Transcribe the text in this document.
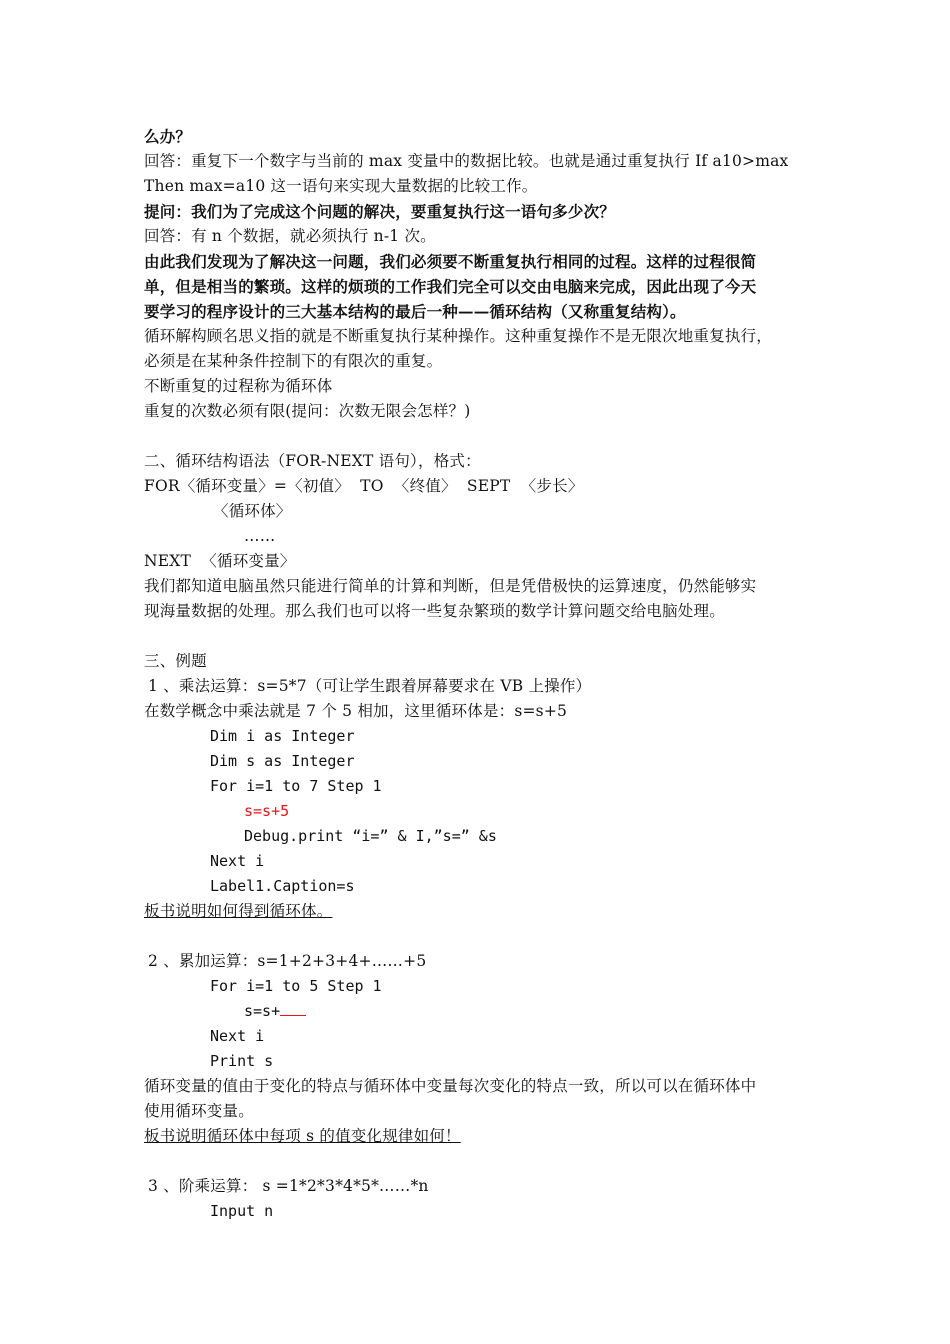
么办？
回答：重复下一个数字与当前的 max 变量中的数据比较。也就是通过重复执行 If a10>max
Then max=a10 这一语句来实现大量数据的比较工作。
提问：我们为了完成这个问题的解决，要重复执行这一语句多少次？
回答：有 n 个数据，就必须执行 n-1 次。
由此我们发现为了解决这一问题，我们必须要不断重复执行相同的过程。这样的过程很简
单，但是相当的繁琐。这样的烦琐的工作我们完全可以交由电脑来完成，因此出现了今天
要学习的程序设计的三大基本结构的最后一种——循环结构（又称重复结构）。
循环解构顾名思义指的就是不断重复执行某种操作。这种重复操作不是无限次地重复执行，
必须是在某种条件控制下的有限次的重复。
不断重复的过程称为循环体
重复的次数必须有限(提问：次数无限会怎样？)
二、循环结构语法（FOR-NEXT 语句），格式：
FOR〈循环变量〉=〈初值〉  TO  〈终值〉  SEPT  〈步长〉
〈循环体〉
……
NEXT  〈循环变量〉
我们都知道电脑虽然只能进行简单的计算和判断，但是凭借极快的运算速度，仍然能够实
现海量数据的处理。那么我们也可以将一些复杂繁琐的数学计算问题交给电脑处理。
三、例题
1 、乘法运算：s=5*7（可让学生跟着屏幕要求在 VB 上操作）
在数学概念中乘法就是 7 个 5 相加，这里循环体是：s=s+5
Dim i as Integer
Dim s as Integer
For i=1 to 7 Step 1
s=s+5
Debug.print “i=” & I,”s=” &s
Next i
Label1.Caption=s
板书说明如何得到循环体。
2 、累加运算：s=1+2+3+4+……+5
For i=1 to 5 Step 1
s=s+
Next i
Print s
循环变量的值由于变化的特点与循环体中变量每次变化的特点一致，所以可以在循环体中
使用循环变量。
板书说明循环体中每项 s 的值变化规律如何！
3 、阶乘运算： s =1*2*3*4*5*……*n
Input n
